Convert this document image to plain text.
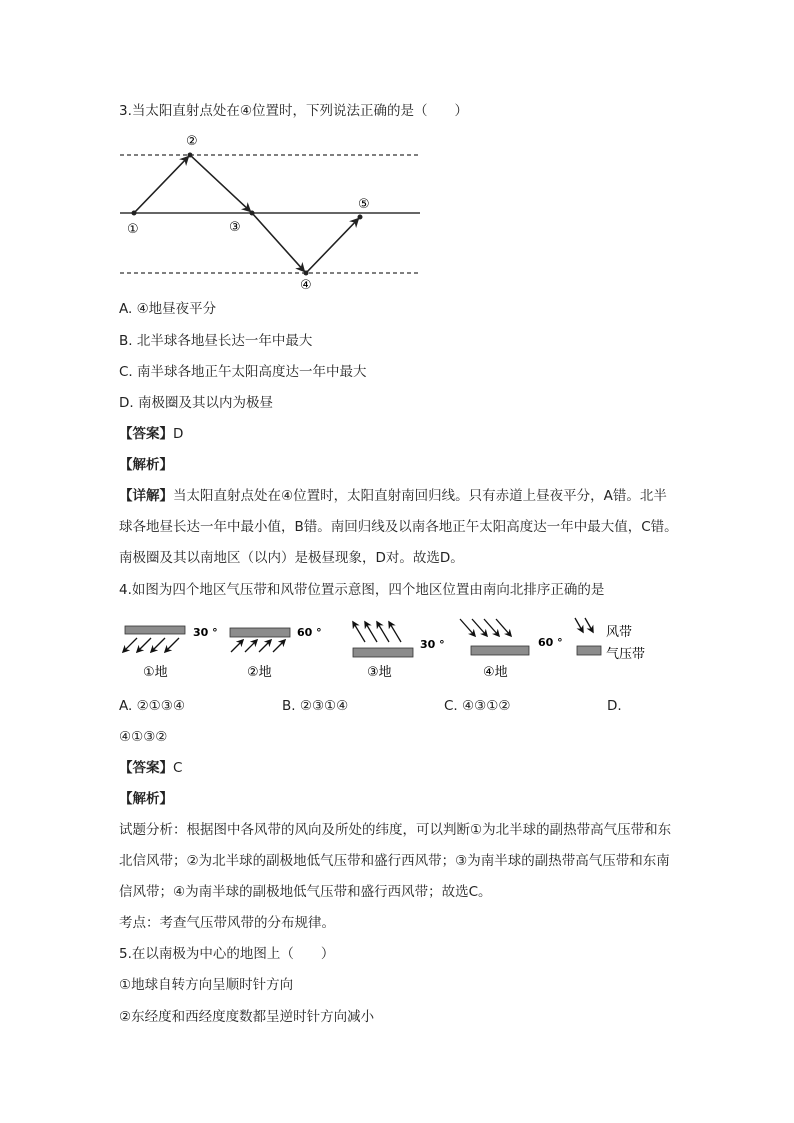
3.当太阳直射点处在④位置时，下列说法正确的是（　　）
①
②
③
④
⑤
A. ④地昼夜平分
B. 北半球各地昼长达一年中最大
C. 南半球各地正午太阳高度达一年中最大
D. 南极圈及其以内为极昼
【答案】D
【解析】
【详解】当太阳直射点处在④位置时，太阳直射南回归线。只有赤道上昼夜平分，A错。北半球各地昼长达一年中最小值，B错。南回归线及以南各地正午太阳高度达一年中最大值，C错。南极圈及其以南地区（以内）是极昼现象，D对。故选D。
4.如图为四个地区气压带和风带位置示意图，四个地区位置由南向北排序正确的是
30 °
①地
60 °
②地
30 °
③地
60 °
④地
风带
气压带
A. ②①③④	B. ②③①④	C. ④③①②	D.
④①③②
【答案】C
【解析】
试题分析：根据图中各风带的风向及所处的纬度，可以判断①为北半球的副热带高气压带和东北信风带；②为北半球的副极地低气压带和盛行西风带；③为南半球的副热带高气压带和东南信风带；④为南半球的副极地低气压带和盛行西风带；故选C。
考点：考查气压带风带的分布规律。
5.在以南极为中心的地图上（　　）
①地球自转方向呈顺时针方向
②东经度和西经度度数都呈逆时针方向减小
